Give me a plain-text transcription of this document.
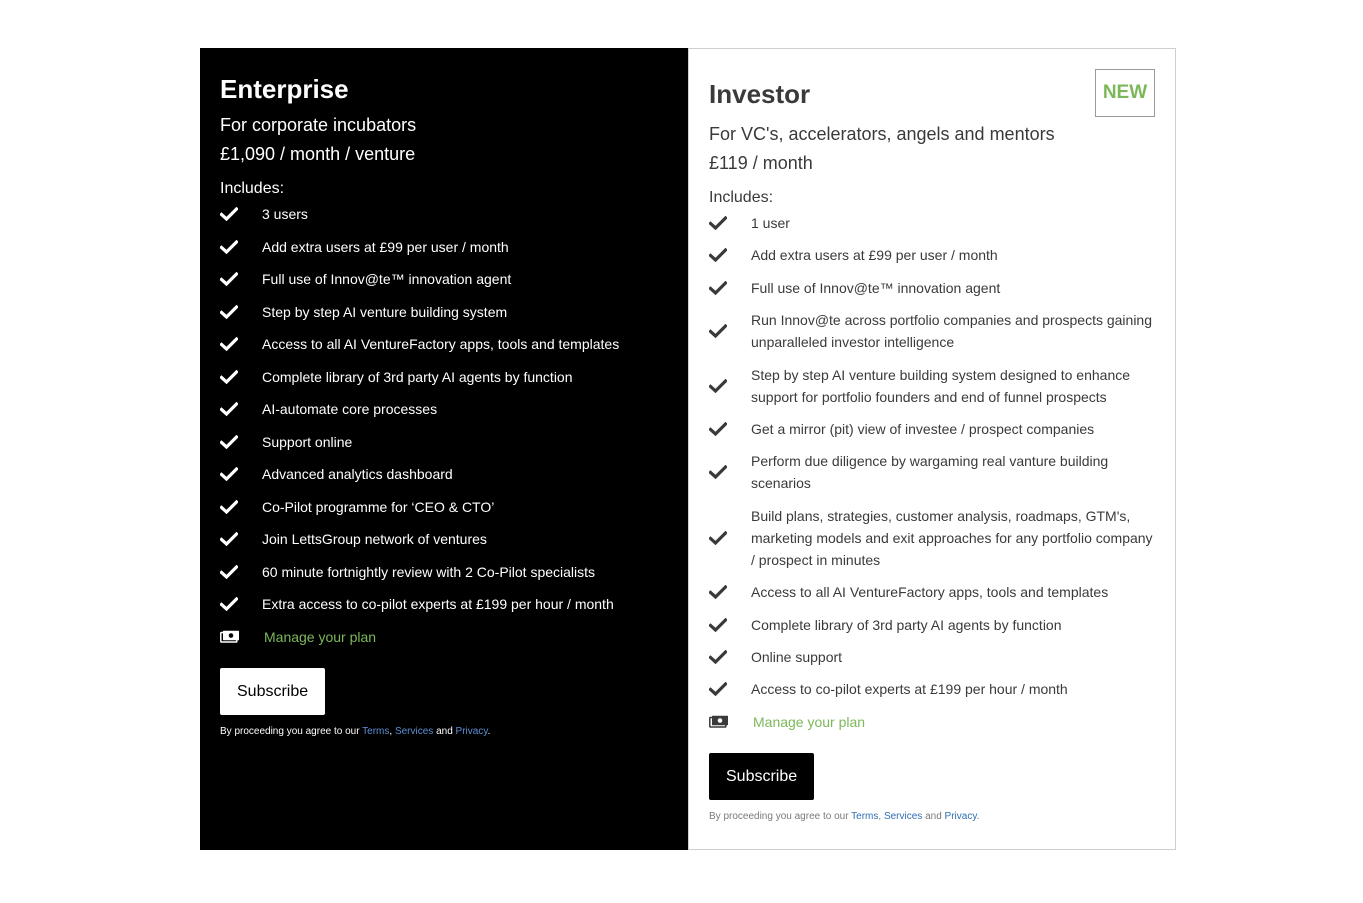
Enterprise
For corporate incubators
£1,090 / month / venture
Includes:
3 users
Add extra users at £99 per user / month
Full use of Innov@te™ innovation agent
Step by step AI venture building system
Access to all AI VentureFactory apps, tools and templates
Complete library of 3rd party AI agents by function
AI-automate core processes
Support online
Advanced analytics dashboard
Co-Pilot programme for ‘CEO & CTO’
Join LettsGroup network of ventures
60 minute fortnightly review with 2 Co-Pilot specialists
Extra access to co-pilot experts at £199 per hour / month
Manage your plan
Subscribe
By proceeding you agree to our Terms, Services and Privacy.
NEW
Investor
For VC's, accelerators, angels and mentors
£119 / month
Includes:
1 user
Add extra users at £99 per user / month
Full use of Innov@te™ innovation agent
Run Innov@te across portfolio companies and prospects gaining unparalleled investor intelligence
Step by step AI venture building system designed to enhance support for portfolio founders and end of funnel prospects
Get a mirror (pit) view of investee / prospect companies
Perform due diligence by wargaming real vanture building scenarios
Build plans, strategies, customer analysis, roadmaps, GTM's, marketing models and exit approaches for any portfolio company / prospect in minutes
Access to all AI VentureFactory apps, tools and templates
Complete library of 3rd party AI agents by function
Online support
Access to co-pilot experts at £199 per hour / month
Manage your plan
Subscribe
By proceeding you agree to our Terms, Services and Privacy.
